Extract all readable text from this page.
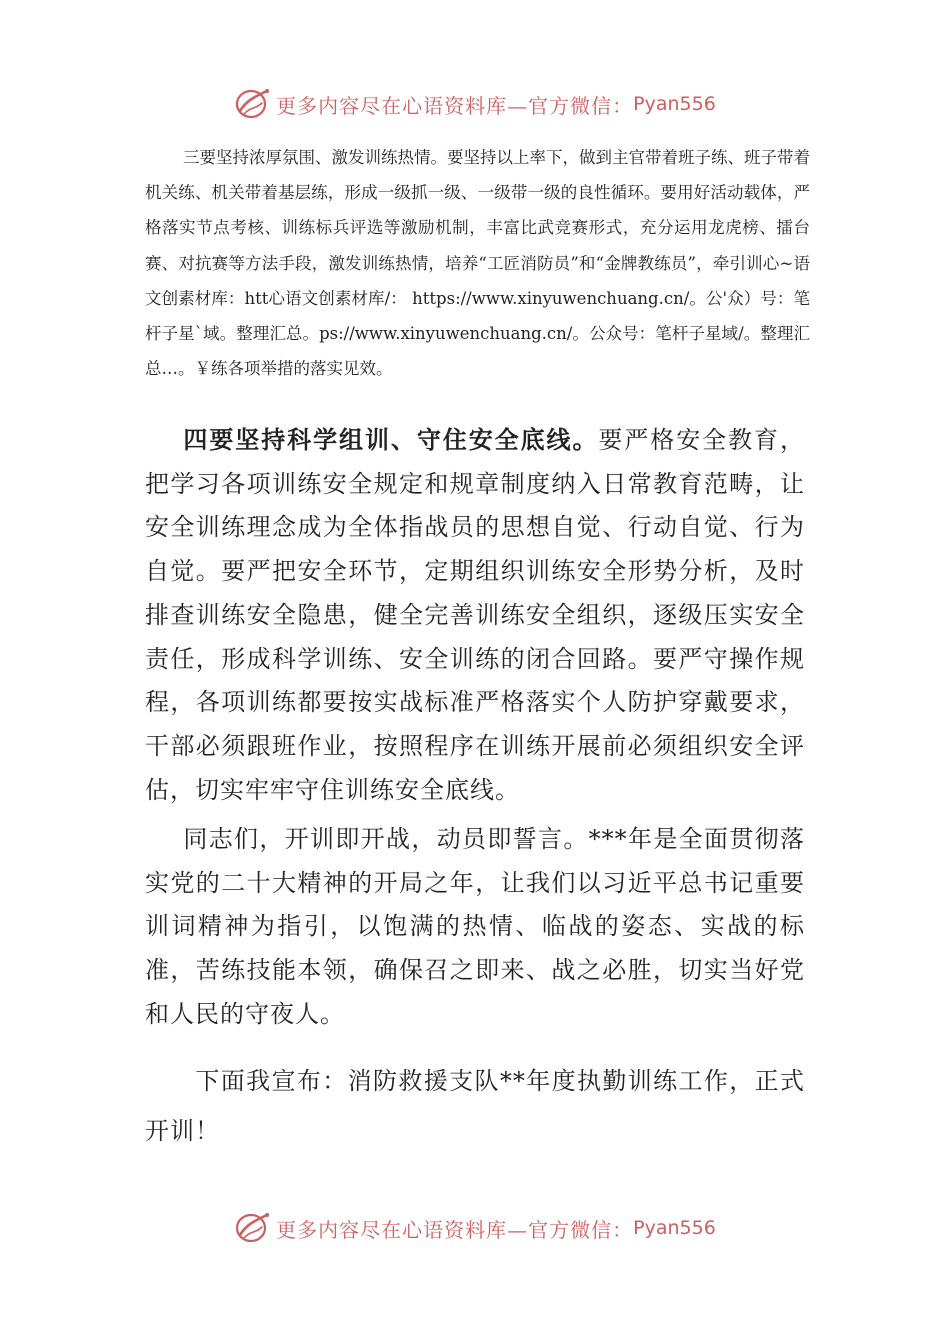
更多内容尽在心语资料库—官方微信： Pyan556
三要坚持浓厚氛围、激发训练热情。要坚持以上率下，做到主官带着班子练、班子带着机关练、机关带着基层练，形成一级抓一级、一级带一级的良性循环。要用好活动载体，严格落实节点考核、训练标兵评选等激励机制，丰富比武竞赛形式，充分运用龙虎榜、擂台赛、对抗赛等方法手段，激发训练热情，培养“工匠消防员”和“金牌教练员”，牵引训心~语文创素材库：htt心语文创素材库/： https://www.xinyuwenchuang.cn/。公'众）号：笔杆子星`域。整理汇总。ps://www.xinyuwenchuang.cn/。公众号：笔杆子星域/。整理汇总…。￥练各项举措的落实见效。
四要坚持科学组训、守住安全底线。要严格安全教育，把学习各项训练安全规定和规章制度纳入日常教育范畴，让安全训练理念成为全体指战员的思想自觉、行动自觉、行为自觉。要严把安全环节，定期组织训练安全形势分析，及时排查训练安全隐患，健全完善训练安全组织，逐级压实安全责任，形成科学训练、安全训练的闭合回路。要严守操作规程，各项训练都要按实战标准严格落实个人防护穿戴要求，干部必须跟班作业，按照程序在训练开展前必须组织安全评估，切实牢牢守住训练安全底线。
同志们，开训即开战，动员即誓言。***年是全面贯彻落实党的二十大精神的开局之年，让我们以习近平总书记重要训词精神为指引，以饱满的热情、临战的姿态、实战的标准，苦练技能本领，确保召之即来、战之必胜，切实当好党和人民的守夜人。
下面我宣布：消防救援支队**年度执勤训练工作，正式开训！
更多内容尽在心语资料库—官方微信： Pyan556
